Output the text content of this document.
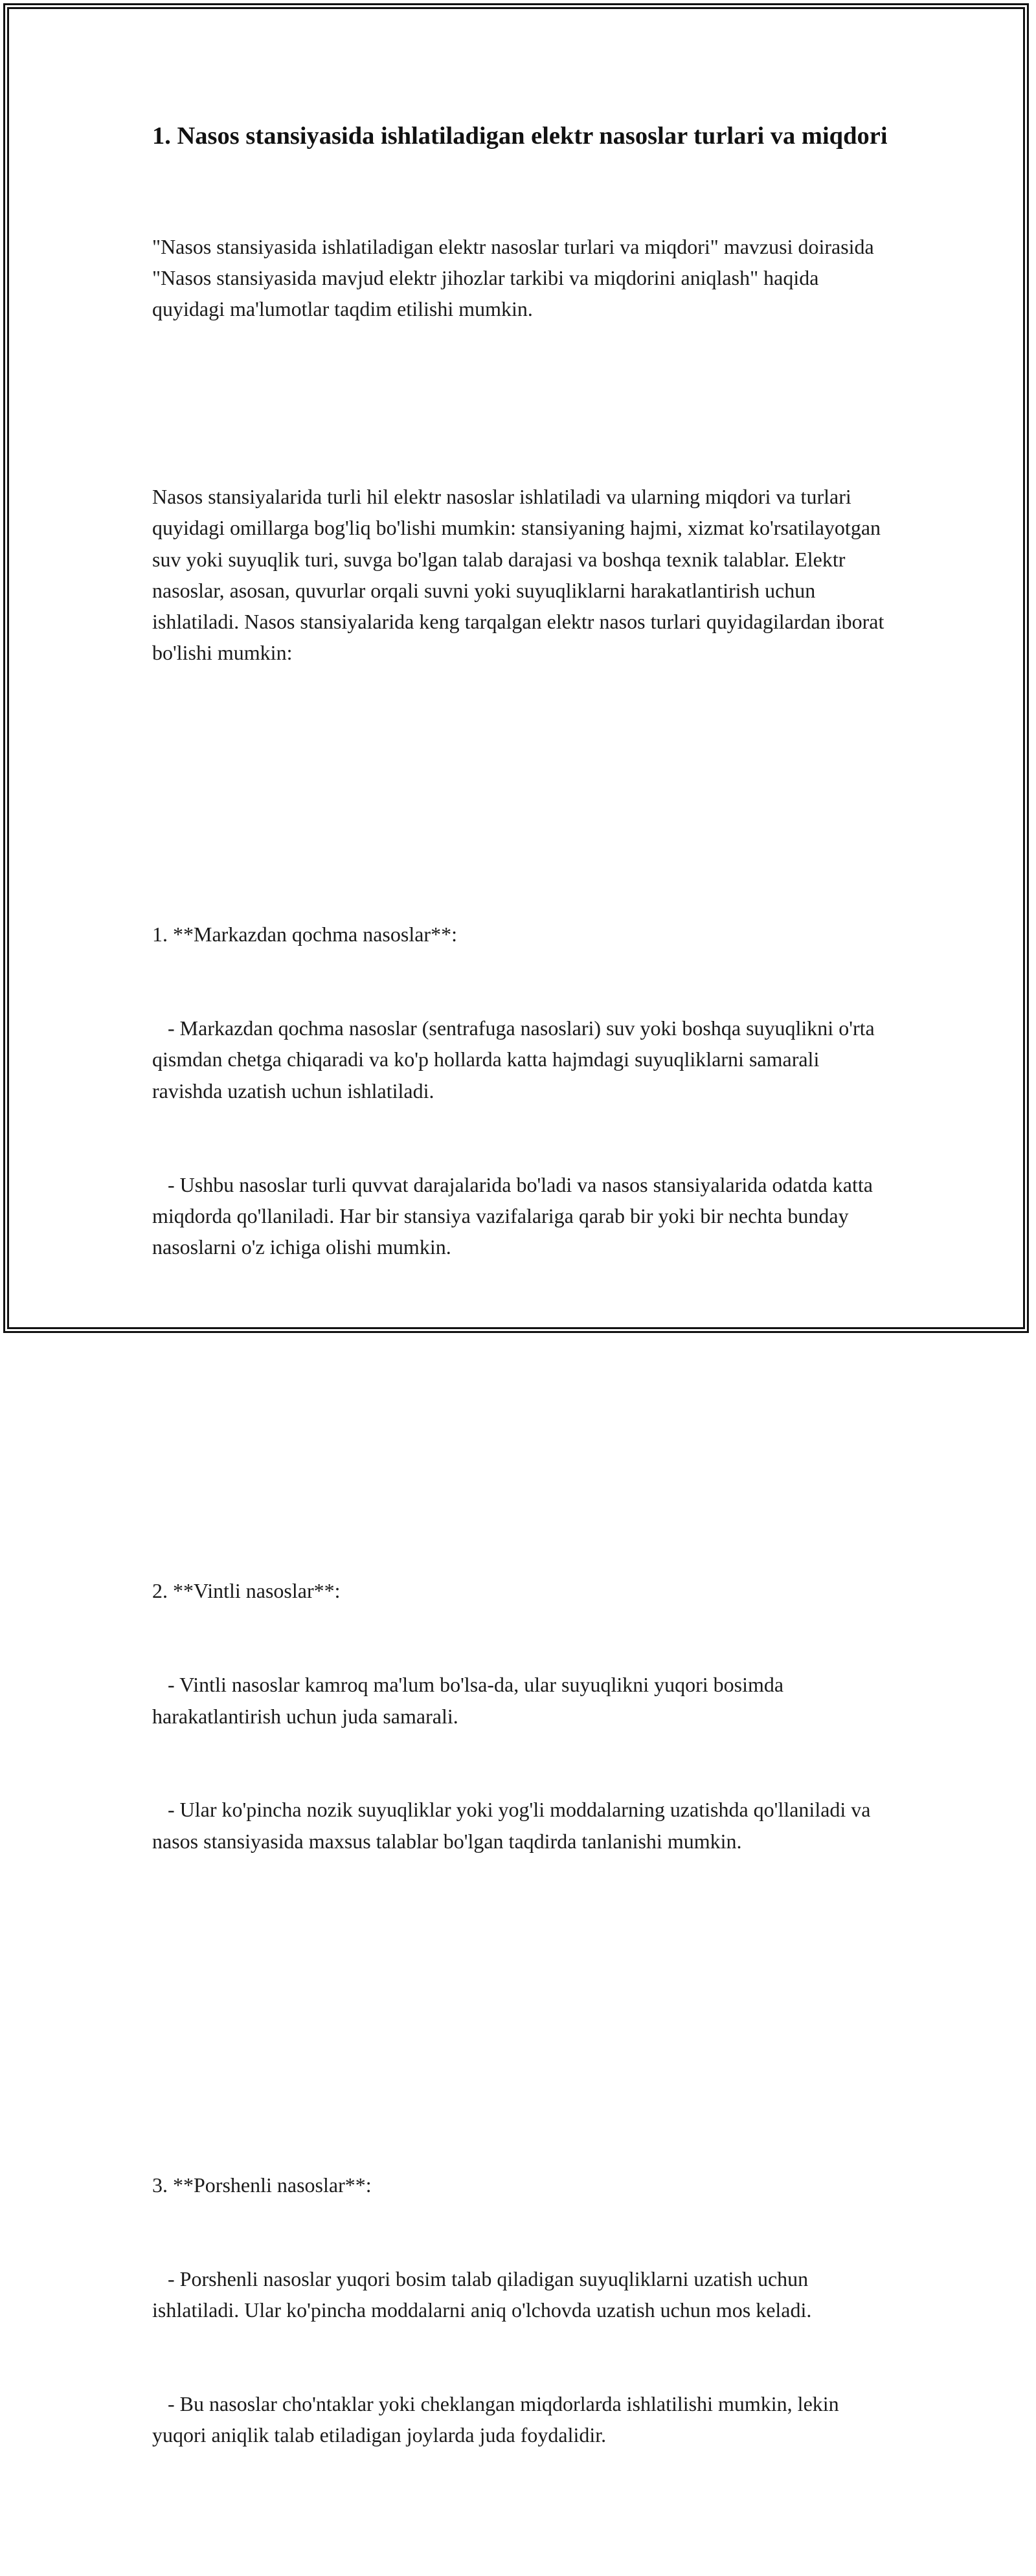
1. Nasos stansiyasida ishlatiladigan elektr nasoslar turlari va miqdori

"Nasos stansiyasida ishlatiladigan elektr nasoslar turlari va miqdori" mavzusi doirasida "Nasos stansiyasida mavjud elektr jihozlar tarkibi va miqdorini aniqlash" haqida quyidagi ma'lumotlar taqdim etilishi mumkin.

Nasos stansiyalarida turli hil elektr nasoslar ishlatiladi va ularning miqdori va turlari quyidagi omillarga bog'liq bo'lishi mumkin: stansiyaning hajmi, xizmat ko'rsatilayotgan suv yoki suyuqlik turi, suvga bo'lgan talab darajasi va boshqa texnik talablar. Elektr nasoslar, asosan, quvurlar orqali suvni yoki suyuqliklarni harakatlantirish uchun ishlatiladi. Nasos stansiyalarida keng tarqalgan elektr nasos turlari quyidagilardan iborat bo'lishi mumkin:

1. **Markazdan qochma nasoslar**:

- Markazdan qochma nasoslar (sentrafuga nasoslari) suv yoki boshqa suyuqlikni o'rta qismdan chetga chiqaradi va ko'p hollarda katta hajmdagi suyuqliklarni samarali ravishda uzatish uchun ishlatiladi.

- Ushbu nasoslar turli quvvat darajalarida bo'ladi va nasos stansiyalarida odatda katta miqdorda qo'llaniladi. Har bir stansiya vazifalariga qarab bir yoki bir nechta bunday nasoslarni o'z ichiga olishi mumkin.

2. **Vintli nasoslar**:

- Vintli nasoslar kamroq ma'lum bo'lsa-da, ular suyuqlikni yuqori bosimda harakatlantirish uchun juda samarali.

- Ular ko'pincha nozik suyuqliklar yoki yog'li moddalarning uzatishda qo'llaniladi va nasos stansiyasida maxsus talablar bo'lgan taqdirda tanlanishi mumkin.

3. **Porshenli nasoslar**:

- Porshenli nasoslar yuqori bosim talab qiladigan suyuqliklarni uzatish uchun ishlatiladi. Ular ko'pincha moddalarni aniq o'lchovda uzatish uchun mos keladi.

- Bu nasoslar cho'ntaklar yoki cheklangan miqdorlarda ishlatilishi mumkin, lekin yuqori aniqlik talab etiladigan joylarda juda foydalidir.
